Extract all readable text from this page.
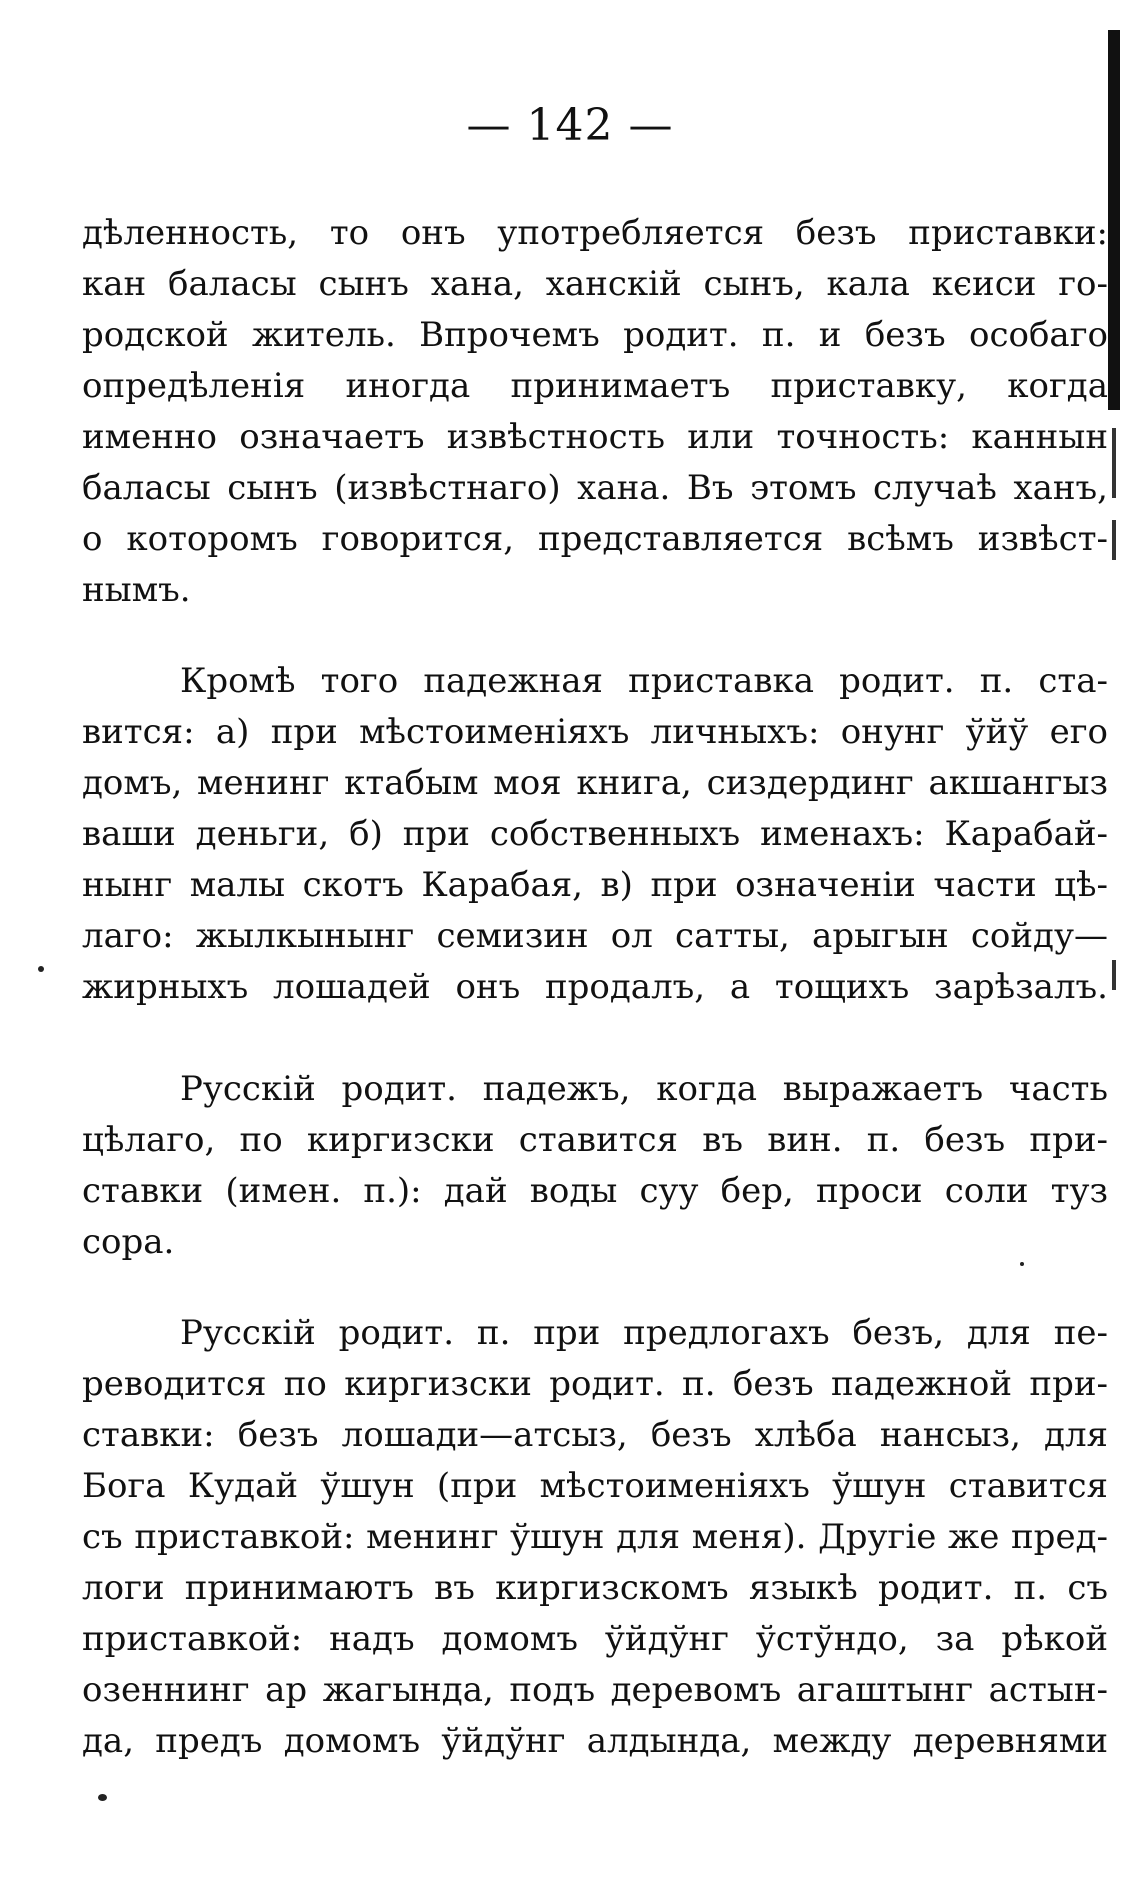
— 142 —
дѣленность, то онъ употребляется безъ приставки:
кан баласы сынъ хана, ханскій сынъ, кала кєиси го-
родской житель. Впрочемъ родит. п. и безъ особаго
опредѣленія иногда принимаетъ приставку, когда
именно означаетъ извѣстность или точность: каннын
баласы сынъ (извѣстнаго) хана. Въ этомъ случаѣ ханъ,
о которомъ говорится, представляется всѣмъ извѣст-
нымъ.
Кромѣ того падежная приставка родит. п. ста-
вится: а) при мѣстоименіяхъ личныхъ: онунг ўйў его
домъ, менинг ктабым моя книга, сиздердинг акшангыз
ваши деньги, б) при собственныхъ именахъ: Карабай-
нынг малы скотъ Карабая, в) при означеніи части цѣ-
лаго: жылкынынг семизин ол сатты, арыгын сойду—
жирныхъ лошадей онъ продалъ, а тощихъ зарѣзалъ.
Русскій родит. падежъ, когда выражаетъ часть
цѣлаго, по киргизски ставится въ вин. п. безъ при-
ставки (имен. п.): дай воды суу бер, проси соли туз
сора.
Русскій родит. п. при предлогахъ безъ, для пе-
реводится по киргизски родит. п. безъ падежной при-
ставки: безъ лошади—атсыз, безъ хлѣба нансыз, для
Бога Кудай ўшун (при мѣстоименіяхъ ўшун ставится
съ приставкой: менинг ўшун для меня). Другіе же пред-
логи принимаютъ въ киргизскомъ языкѣ родит. п. съ
приставкой: надъ домомъ ўйдўнг ўстўндо, за рѣкой
озеннинг ар жагында, подъ деревомъ агаштынг астын-
да, предъ домомъ ўйдўнг алдында, между деревнями
